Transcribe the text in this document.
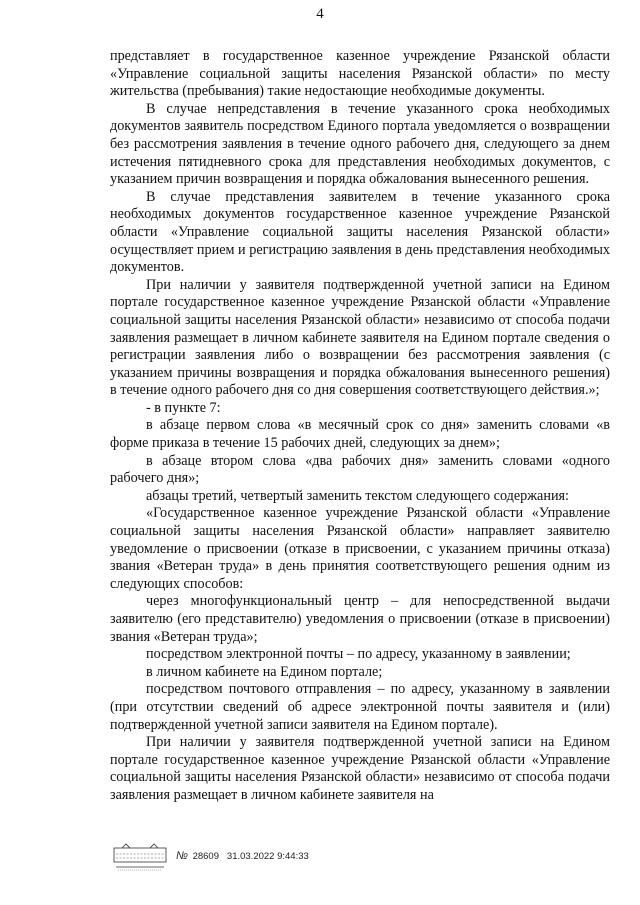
4

представляет в государственное казенное учреждение Рязанской области «Управление социальной защиты населения Рязанской области» по месту жительства (пребывания) такие недостающие необходимые документы.

В случае непредставления в течение указанного срока необходимых документов заявитель посредством Единого портала уведомляется о возвращении без рассмотрения заявления в течение одного рабочего дня, следующего за днем истечения пятидневного срока для представления необходимых документов, с указанием причин возвращения и порядка обжалования вынесенного решения.

В случае представления заявителем в течение указанного срока необходимых документов государственное казенное учреждение Рязанской области «Управление социальной защиты населения Рязанской области» осуществляет прием и регистрацию заявления в день представления необходимых документов.

При наличии у заявителя подтвержденной учетной записи на Едином портале государственное казенное учреждение Рязанской области «Управление социальной защиты населения Рязанской области» независимо от способа подачи заявления размещает в личном кабинете заявителя на Едином портале сведения о регистрации заявления либо о возвращении без рассмотрения заявления (с указанием причины возвращения и порядка обжалования вынесенного решения) в течение одного рабочего дня со дня совершения соответствующего действия.»;

- в пункте 7:

в абзаце первом слова «в месячный срок со дня» заменить словами «в форме приказа в течение 15 рабочих дней, следующих за днем»;

в абзаце втором слова «два рабочих дня» заменить словами «одного рабочего дня»;

абзацы третий, четвертый заменить текстом следующего содержания:

«Государственное казенное учреждение Рязанской области «Управление социальной защиты населения Рязанской области» направляет заявителю уведомление о присвоении (отказе в присвоении, с указанием причины отказа) звания «Ветеран труда» в день принятия соответствующего решения одним из следующих способов:

через многофункциональный центр – для непосредственной выдачи заявителю (его представителю) уведомления о присвоении (отказе в присвоении) звания «Ветеран труда»;

посредством электронной почты – по адресу, указанному в заявлении;

в личном кабинете на Едином портале;

посредством почтового отправления – по адресу, указанному в заявлении (при отсутствии сведений об адресе электронной почты заявителя и (или) подтвержденной учетной записи заявителя на Едином портале).

При наличии у заявителя подтвержденной учетной записи на Едином портале государственное казенное учреждение Рязанской области «Управление социальной защиты населения Рязанской области» независимо от способа подачи заявления размещает в личном кабинете заявителя на

№ 28609 31.03.2022 9:44:33
